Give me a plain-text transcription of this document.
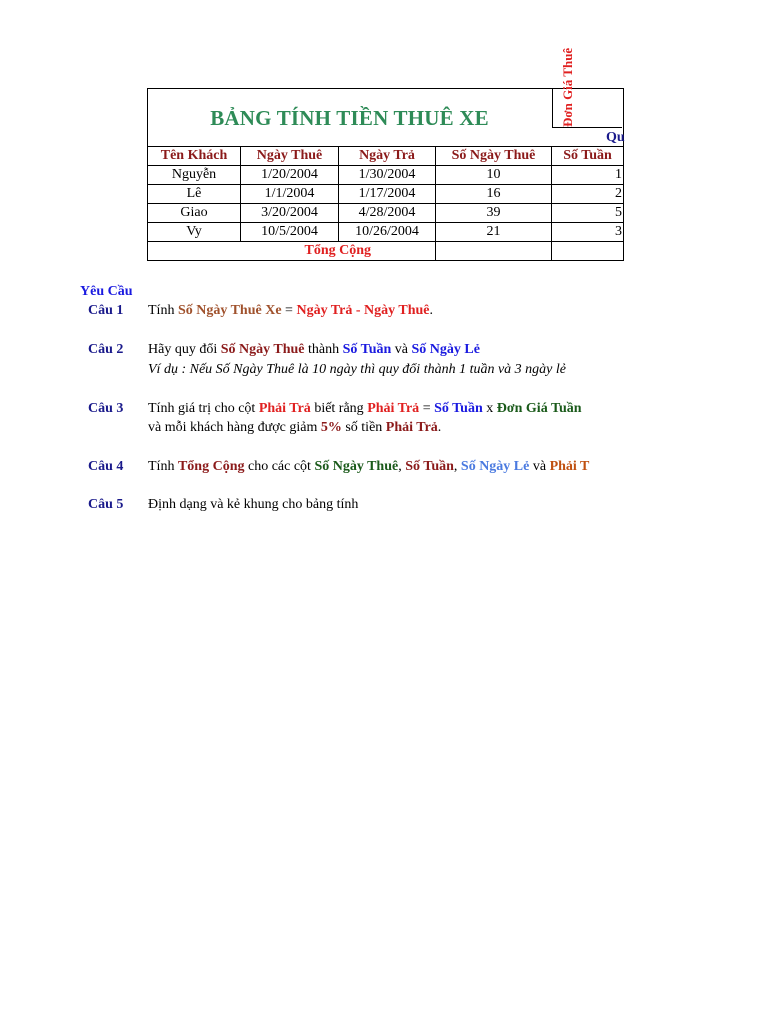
BẢNG TÍNH TIỀN THUÊ XE				
Tên Khách	Ngày Thuê	Ngày Trả	Số Ngày Thuê	Số Tuần
Nguyễn	1/20/2004	1/30/2004	10	1
Lê	1/1/2004	1/17/2004	16	2
Giao	3/20/2004	4/28/2004	39	5
Vy	10/5/2004	10/26/2004	21	3
	Tổng Cộng			
Đơn Giá Thuê
Qu
Yêu Cầu
Câu 1 Tính Số Ngày Thuê Xe = Ngày Trả - Ngày Thuê.
Câu 2 Hãy quy đổi Số Ngày Thuê thành Số Tuần và Số Ngày Lẻ
Ví dụ : Nếu Số Ngày Thuê là 10 ngày thì quy đổi thành 1 tuần và 3 ngày lẻ
Câu 3 Tính giá trị cho cột Phải Trả biết rằng Phải Trả = Số Tuần x Đơn Giá Tuần
và mỗi khách hàng được giảm 5% số tiền Phải Trả.
Câu 4 Tính Tổng Cộng cho các cột Số Ngày Thuê, Số Tuần, Số Ngày Lẻ và Phải T
Câu 5 Định dạng và kẻ khung cho bảng tính
